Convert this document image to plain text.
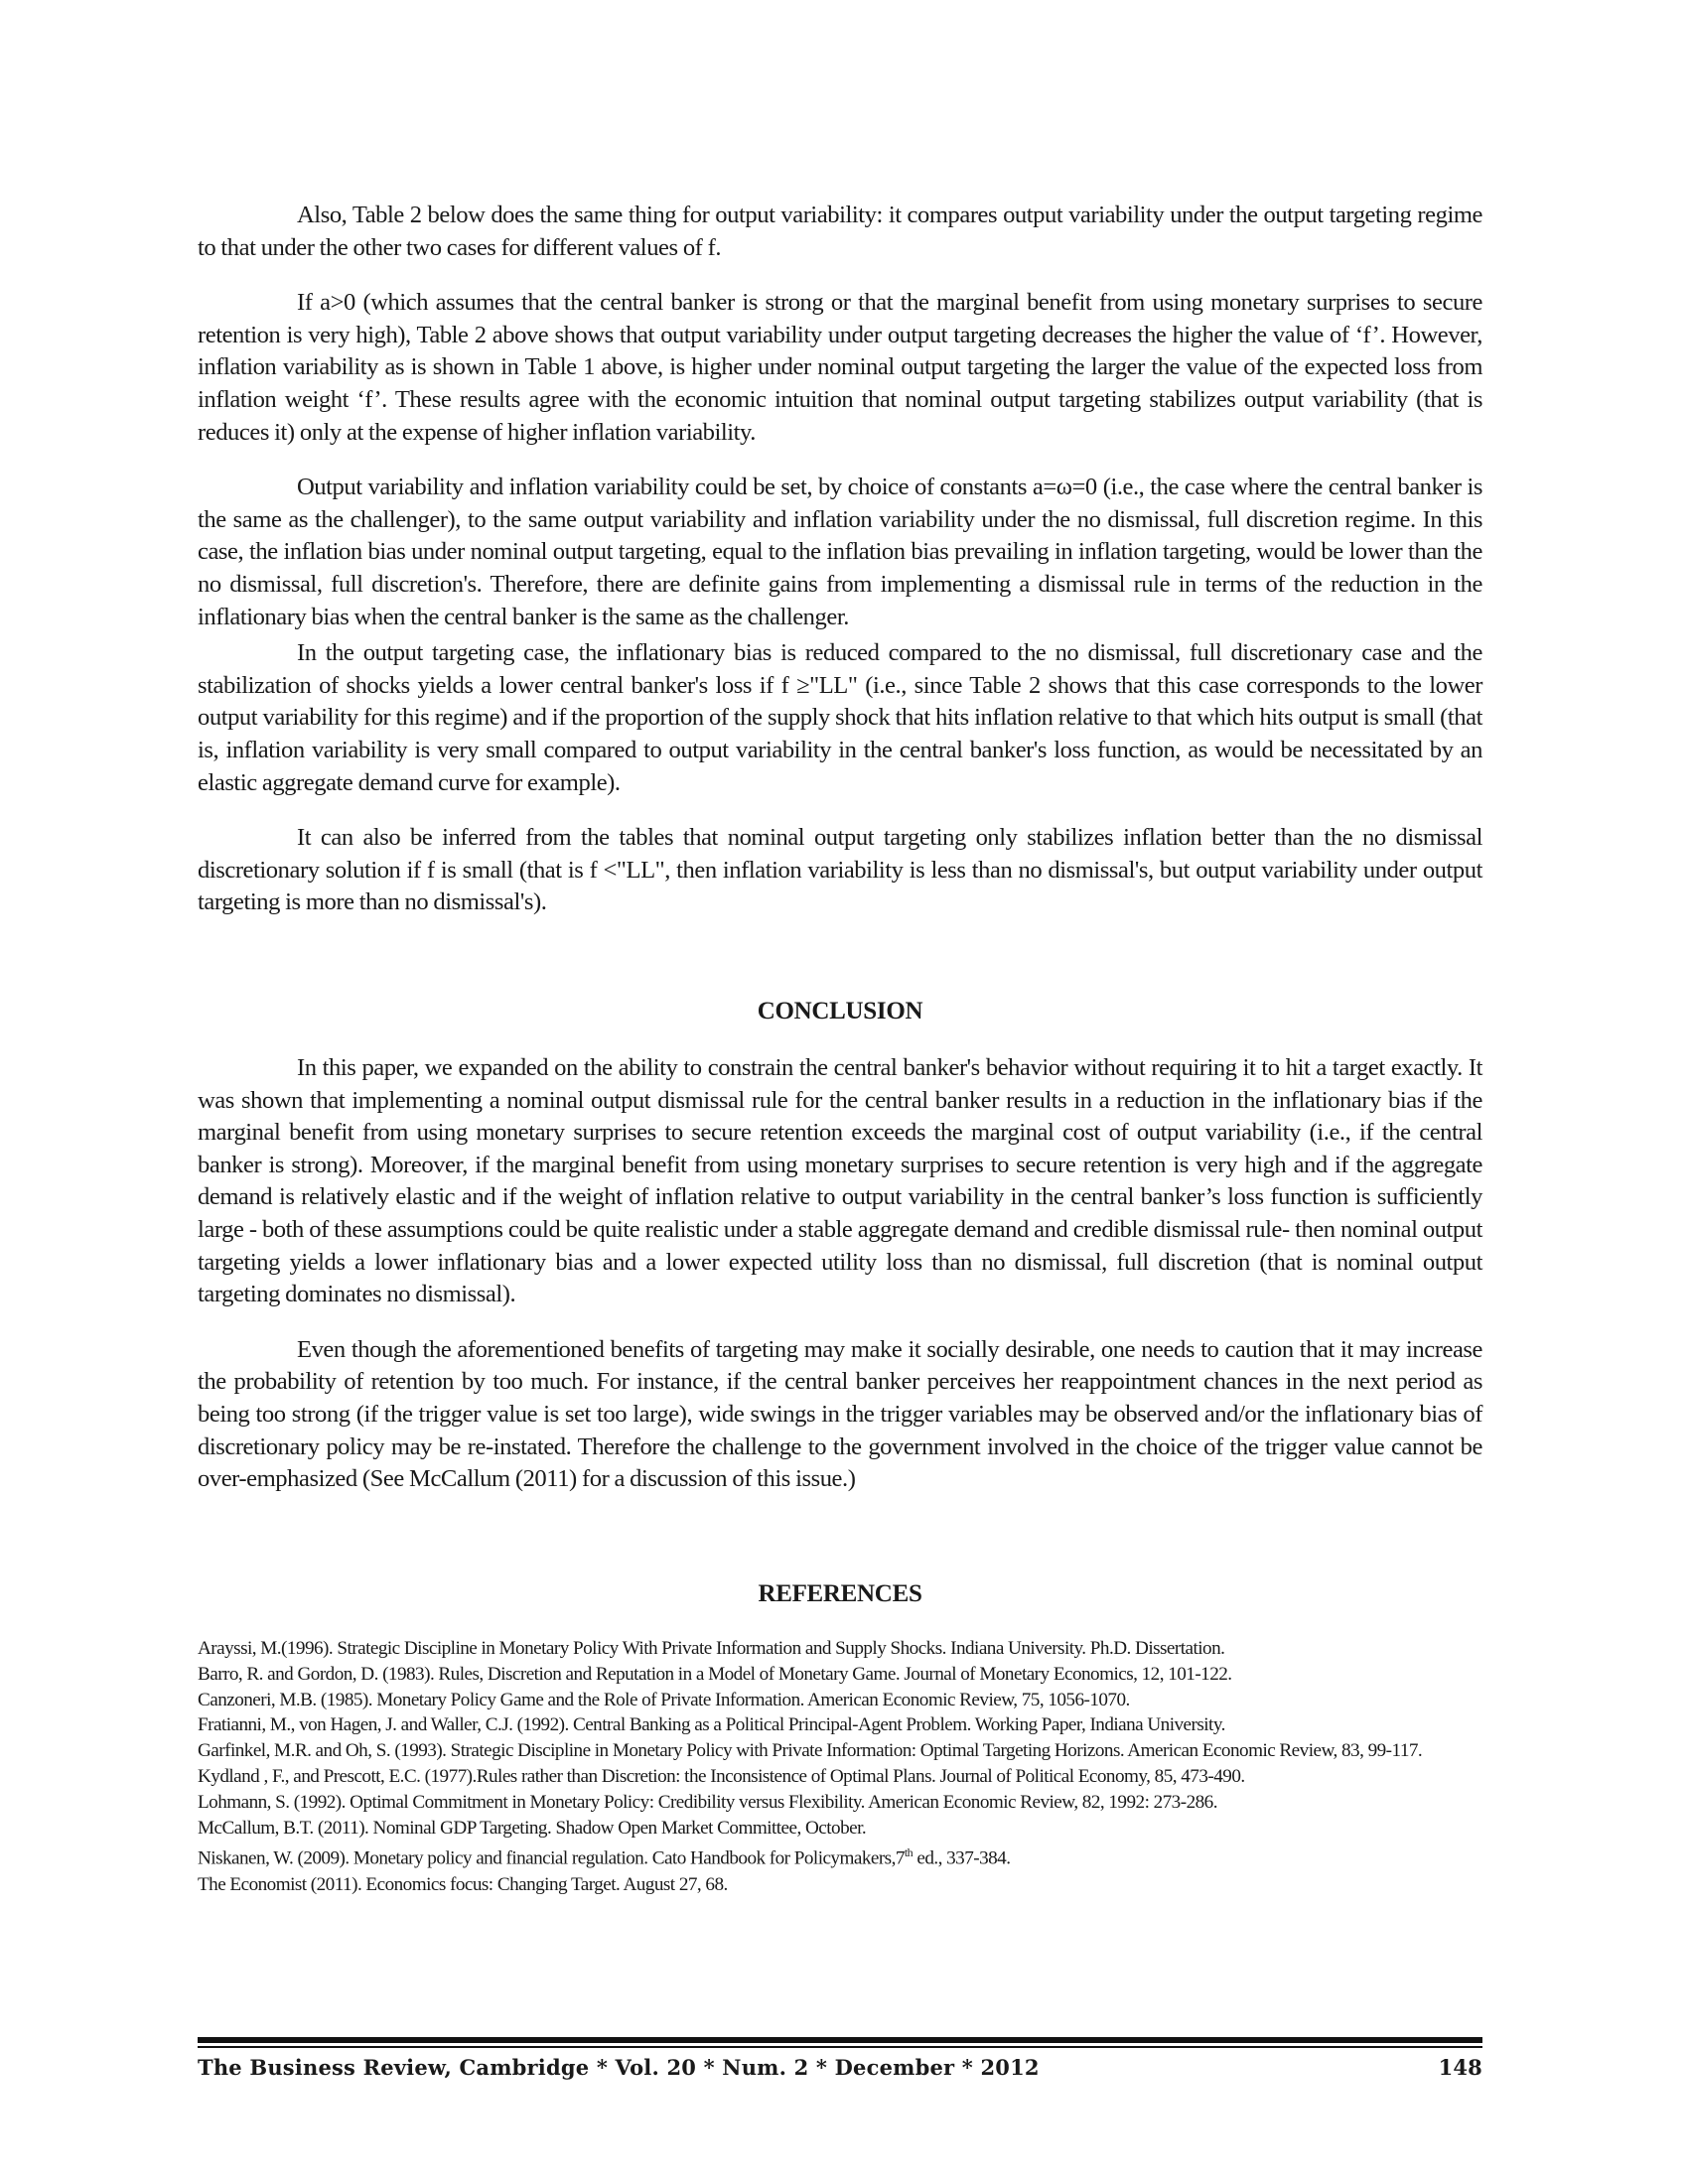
Also, Table 2 below does the same thing for output variability: it compares output variability under the output targeting regime to that under the other two cases for different values of f.

If a>0 (which assumes that the central banker is strong or that the marginal benefit from using monetary surprises to secure retention is very high), Table 2 above shows that output variability under output targeting decreases the higher the value of ‘f’. However, inflation variability as is shown in Table 1 above, is higher under nominal output targeting the larger the value of the expected loss from inflation weight ‘f’. These results agree with the economic intuition that nominal output targeting stabilizes output variability (that is reduces it) only at the expense of higher inflation variability.

Output variability and inflation variability could be set, by choice of constants a=ω=0 (i.e., the case where the central banker is the same as the challenger), to the same output variability and inflation variability under the no dismissal, full discretion regime. In this case, the inflation bias under nominal output targeting, equal to the inflation bias prevailing in inflation targeting, would be lower than the no dismissal, full discretion's. Therefore, there are definite gains from implementing a dismissal rule in terms of the reduction in the inflationary bias when the central banker is the same as the challenger.

In the output targeting case, the inflationary bias is reduced compared to the no dismissal, full discretionary case and the stabilization of shocks yields a lower central banker's loss if f ≥"LL" (i.e., since Table 2 shows that this case corresponds to the lower output variability for this regime) and if the proportion of the supply shock that hits inflation relative to that which hits output is small (that is, inflation variability is very small compared to output variability in the central banker's loss function, as would be necessitated by an elastic aggregate demand curve for example).

It can also be inferred from the tables that nominal output targeting only stabilizes inflation better than the no dismissal discretionary solution if f is small (that is f <"LL", then inflation variability is less than no dismissal's, but output variability under output targeting is more than no dismissal's).

CONCLUSION

In this paper, we expanded on the ability to constrain the central banker's behavior without requiring it to hit a target exactly. It was shown that implementing a nominal output dismissal rule for the central banker results in a reduction in the inflationary bias if the marginal benefit from using monetary surprises to secure retention exceeds the marginal cost of output variability (i.e., if the central banker is strong). Moreover, if the marginal benefit from using monetary surprises to secure retention is very high and if the aggregate demand is relatively elastic and if the weight of inflation relative to output variability in the central banker’s loss function is sufficiently large - both of these assumptions could be quite realistic under a stable aggregate demand and credible dismissal rule- then nominal output targeting yields a lower inflationary bias and a lower expected utility loss than no dismissal, full discretion (that is nominal output targeting dominates no dismissal).

Even though the aforementioned benefits of targeting may make it socially desirable, one needs to caution that it may increase the probability of retention by too much. For instance, if the central banker perceives her reappointment chances in the next period as being too strong (if the trigger value is set too large), wide swings in the trigger variables may be observed and/or the inflationary bias of discretionary policy may be re-instated. Therefore the challenge to the government involved in the choice of the trigger value cannot be over-emphasized (See McCallum (2011) for a discussion of this issue.)

REFERENCES
Arayssi, M.(1996). Strategic Discipline in Monetary Policy With Private Information and Supply Shocks. Indiana University. Ph.D. Dissertation.
Barro, R. and Gordon, D. (1983). Rules, Discretion and Reputation in a Model of Monetary Game. Journal of Monetary Economics, 12, 101-122.
Canzoneri, M.B. (1985). Monetary Policy Game and the Role of Private Information. American Economic Review, 75, 1056-1070.
Fratianni, M., von Hagen, J. and Waller, C.J. (1992). Central Banking as a Political Principal-Agent Problem. Working Paper, Indiana University.
Garfinkel, M.R. and Oh, S. (1993). Strategic Discipline in Monetary Policy with Private Information: Optimal Targeting Horizons. American Economic Review, 83, 99-117.
Kydland , F., and Prescott, E.C. (1977).Rules rather than Discretion: the Inconsistence of Optimal Plans. Journal of Political Economy, 85, 473-490.
Lohmann, S. (1992). Optimal Commitment in Monetary Policy: Credibility versus Flexibility. American Economic Review, 82, 1992: 273-286.
McCallum, B.T. (2011). Nominal GDP Targeting. Shadow Open Market Committee, October.
Niskanen, W. (2009). Monetary policy and financial regulation. Cato Handbook for Policymakers,7th ed., 337-384.
The Economist (2011). Economics focus: Changing Target. August 27, 68.
The Business Review, Cambridge * Vol. 20 * Num. 2 * December * 2012	148
